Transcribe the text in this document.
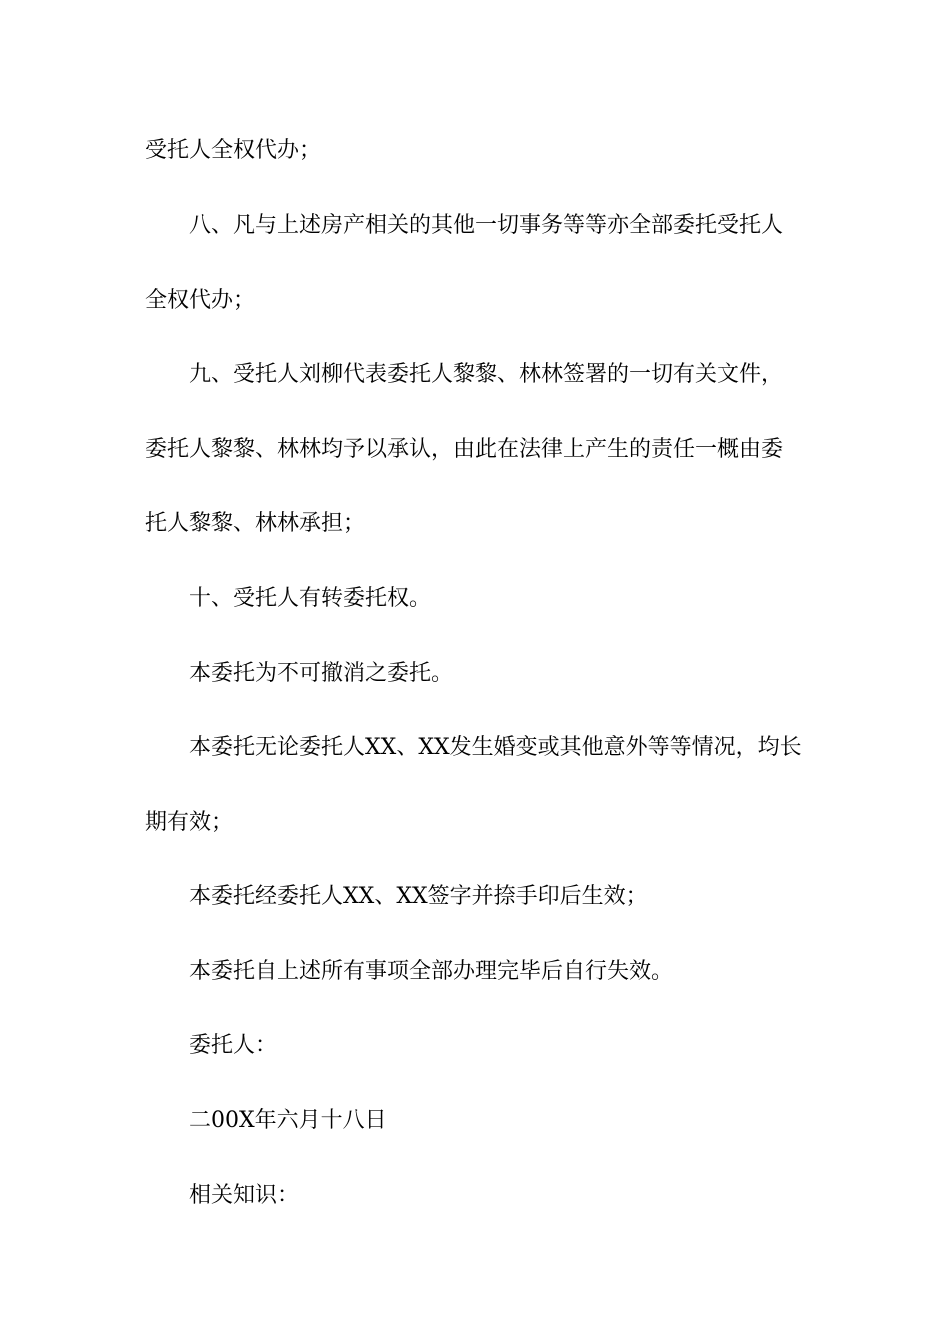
受托人全权代办；
八、凡与上述房产相关的其他一切事务等等亦全部委托受托人
全权代办；
九、受托人刘柳代表委托人黎黎、林林签署的一切有关文件，
委托人黎黎、林林均予以承认，由此在法律上产生的责任一概由委
托人黎黎、林林承担；
十、受托人有转委托权。
本委托为不可撤消之委托。
本委托无论委托人XX、XX发生婚变或其他意外等等情况，均长
期有效；
本委托经委托人XX、XX签字并捺手印后生效；
本委托自上述所有事项全部办理完毕后自行失效。
委托人：
二00X年六月十八日
相关知识：
